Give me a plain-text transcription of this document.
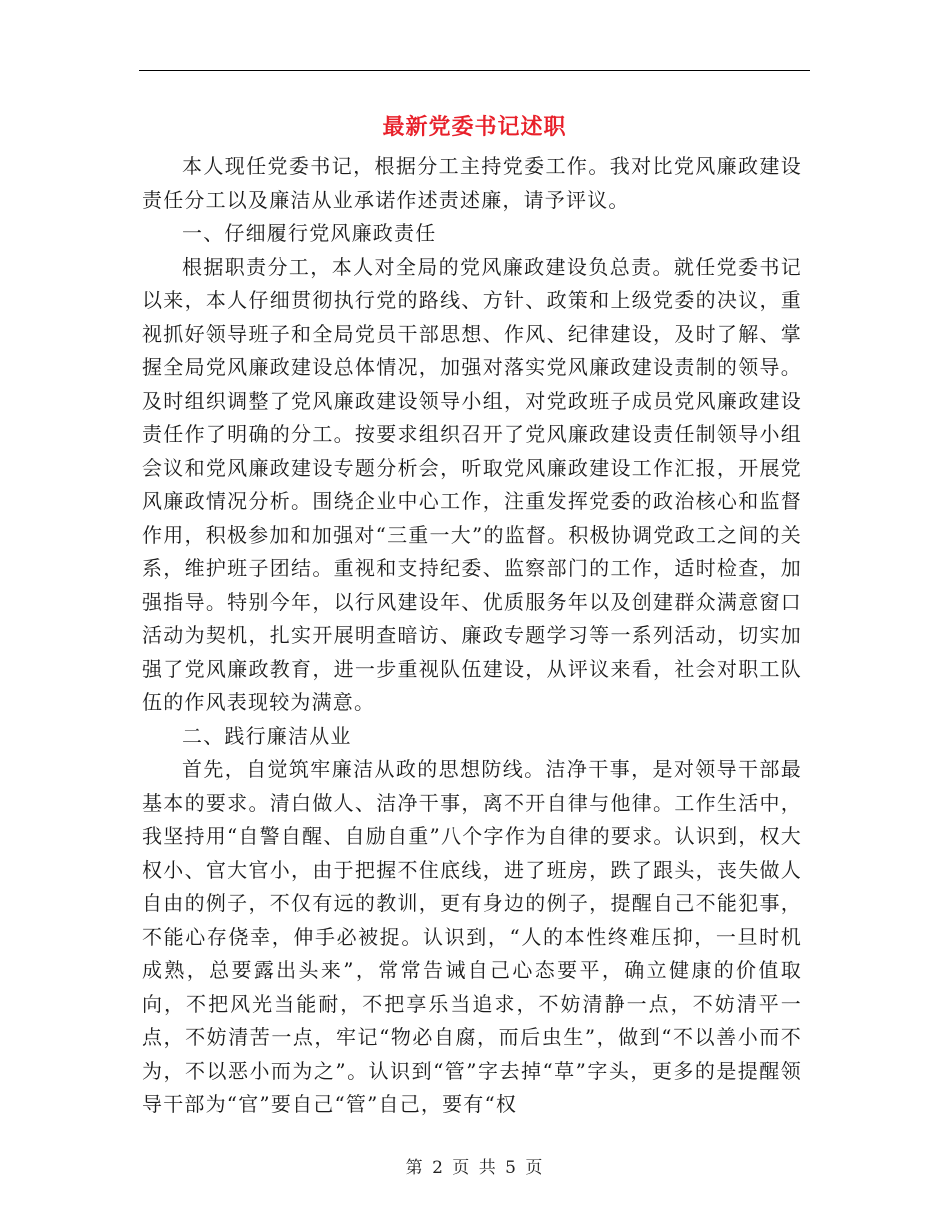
最新党委书记述职

本人现任党委书记，根据分工主持党委工作。我对比党风廉政建设责任分工以及廉洁从业承诺作述责述廉，请予评议。

一、仔细履行党风廉政责任

根据职责分工，本人对全局的党风廉政建设负总责。就任党委书记以来，本人仔细贯彻执行党的路线、方针、政策和上级党委的决议，重视抓好领导班子和全局党员干部思想、作风、纪律建设，及时了解、掌握全局党风廉政建设总体情况，加强对落实党风廉政建设责制的领导。及时组织调整了党风廉政建设领导小组，对党政班子成员党风廉政建设责任作了明确的分工。按要求组织召开了党风廉政建设责任制领导小组会议和党风廉政建设专题分析会，听取党风廉政建设工作汇报，开展党风廉政情况分析。围绕企业中心工作，注重发挥党委的政治核心和监督作用，积极参加和加强对“三重一大”的监督。积极协调党政工之间的关系，维护班子团结。重视和支持纪委、监察部门的工作，适时检查，加强指导。特别今年，以行风建设年、优质服务年以及创建群众满意窗口活动为契机，扎实开展明查暗访、廉政专题学习等一系列活动，切实加强了党风廉政教育，进一步重视队伍建设，从评议来看，社会对职工队伍的作风表现较为满意。

二、践行廉洁从业

首先，自觉筑牢廉洁从政的思想防线。洁净干事，是对领导干部最基本的要求。清白做人、洁净干事，离不开自律与他律。工作生活中，我坚持用“自警自醒、自励自重”八个字作为自律的要求。认识到，权大权小、官大官小，由于把握不住底线，进了班房，跌了跟头，丧失做人自由的例子，不仅有远的教训，更有身边的例子，提醒自己不能犯事，不能心存侥幸，伸手必被捉。认识到，“人的本性终难压抑，一旦时机成熟，总要露出头来”，常常告诫自己心态要平，确立健康的价值取向，不把风光当能耐，不把享乐当追求，不妨清静一点，不妨清平一点，不妨清苦一点，牢记“物必自腐，而后虫生”，做到“不以善小而不为，不以恶小而为之”。认识到“管”字去掉“草”字头，更多的是提醒领导干部为“官”要自己“管”自己，要有“权

第 2 页 共 5 页
